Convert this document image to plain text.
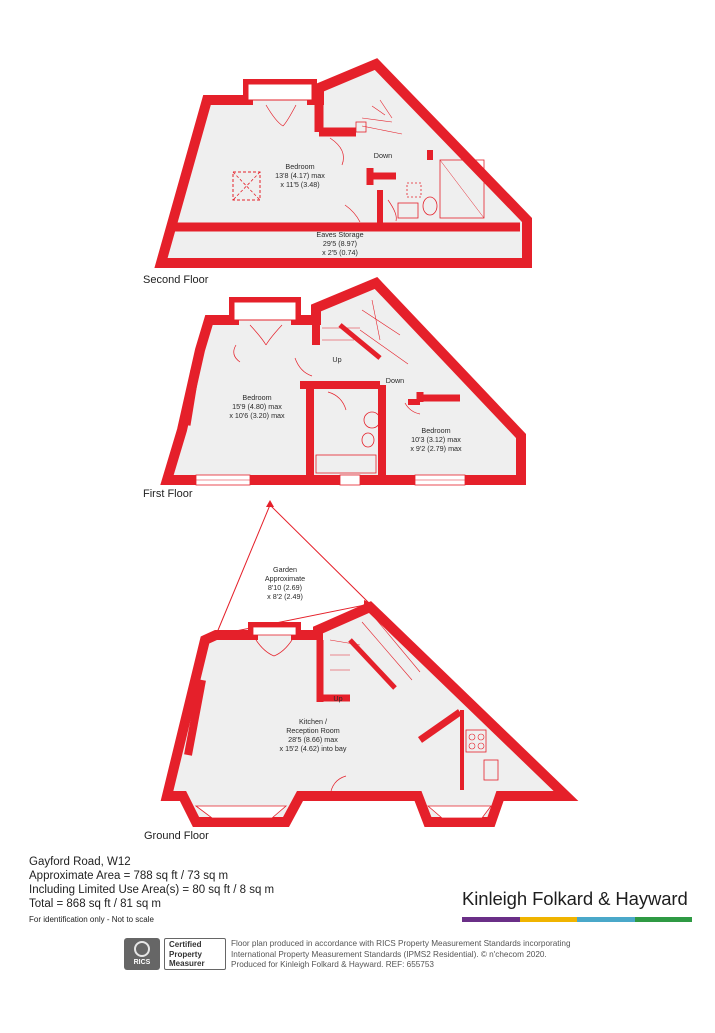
Bedroom
13'8 (4.17) max
x 11'5 (3.48)
Eaves Storage
29'5 (8.97)
x 2'5 (0.74)
Down
Bedroom
15'9 (4.80) max
x 10'6 (3.20) max
Bedroom
10'3 (3.12) max
x 9'2 (2.79) max
Up
Down
Garden
Approximate
8'10 (2.69)
x 8'2 (2.49)
Kitchen /
Reception Room
28'5 (8.66) max
x 15'2 (4.62) into bay
Up
Second Floor
First Floor
Ground Floor
Gayford Road, W12
Approximate Area = 788 sq ft / 73 sq m
Including Limited Use Area(s) = 80 sq ft / 8 sq m
Total = 868 sq ft / 81 sq m
For identification only - Not to scale
Kinleigh Folkard & Hayward
RICS
Certified
Property
Measurer
Floor plan produced in accordance with RICS Property Measurement Standards incorporating
International Property Measurement Standards (IPMS2 Residential). © n'checom 2020.
Produced for Kinleigh Folkard & Hayward. REF: 655753
